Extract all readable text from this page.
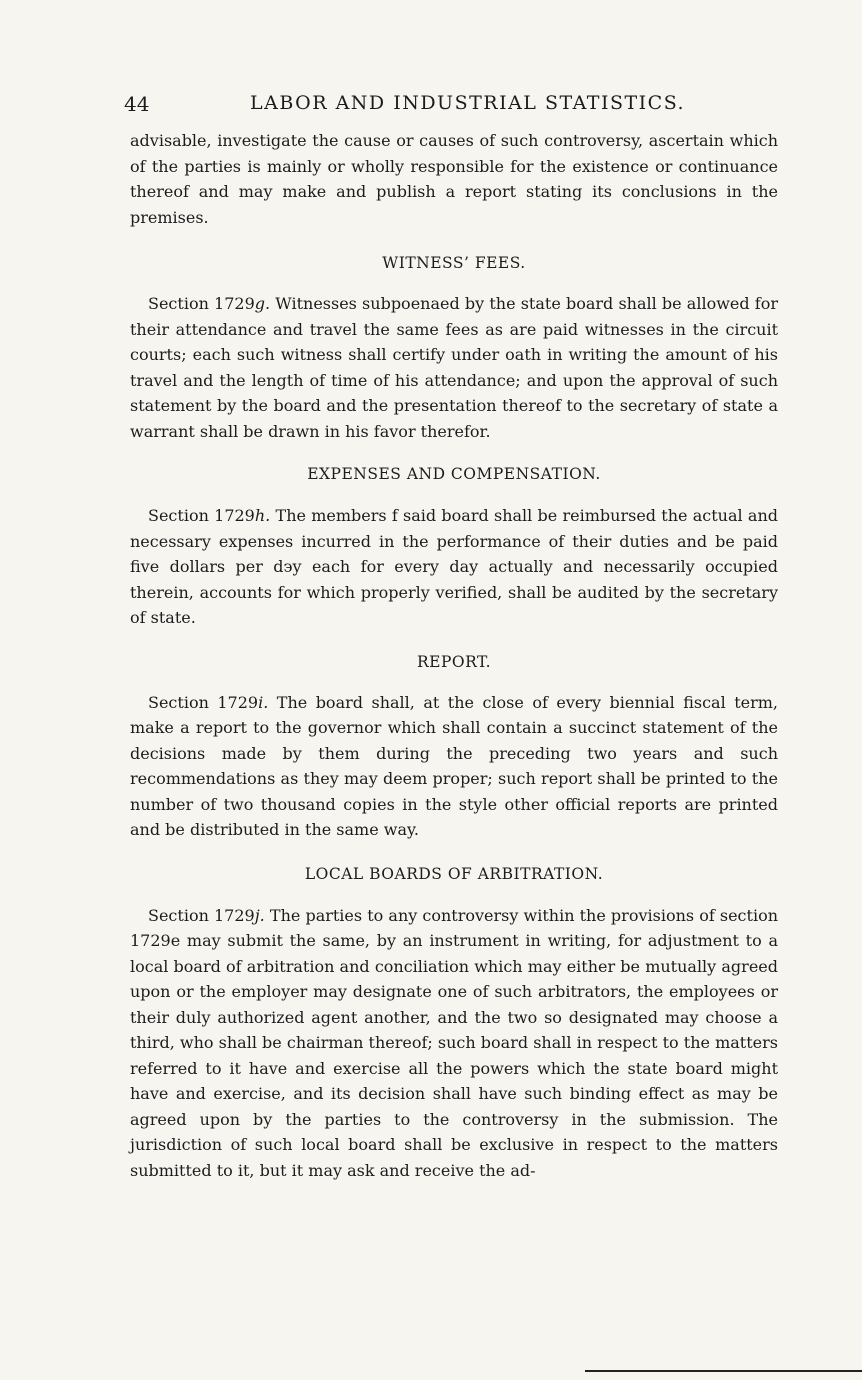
44	LABOR AND INDUSTRIAL STATISTICS.

advisable, investigate the cause or causes of such controversy, ascertain which of the parties is mainly or wholly responsible for the existence or continuance thereof and may make and publish a report stating its conclusions in the premises.

WITNESS’ FEES.

Section 1729g. Witnesses subpoenaed by the state board shall be allowed for their attendance and travel the same fees as are paid witnesses in the circuit courts; each such witness shall certify under oath in writing the amount of his travel and the length of time of his attendance; and upon the approval of such statement by the board and the presentation thereof to the secretary of state a warrant shall be drawn in his favor therefor.

EXPENSES AND COMPENSATION.

Section 1729h. The members f said board shall be reimbursed the actual and necessary expenses incurred in the performance of their duties and be paid five dollars per dэy each for every day actually and necessarily occupied therein, accounts for which properly verified, shall be audited by the secretary of state.

REPORT.

Section 1729i. The board shall, at the close of every biennial fiscal term, make a report to the governor which shall contain a succinct statement of the decisions made by them during the preceding two years and such recommendations as they may deem proper; such report shall be printed to the number of two thousand copies in the style other official reports are printed and be distributed in the same way.

LOCAL BOARDS OF ARBITRATION.

Section 1729j. The parties to any controversy within the provisions of section 1729e may submit the same, by an instrument in writing, for adjustment to a local board of arbitration and conciliation which may either be mutually agreed upon or the employer may designate one of such arbitrators, the employees or their duly authorized agent another, and the two so designated may choose a third, who shall be chairman thereof; such board shall in respect to the matters referred to it have and exercise all the powers which the state board might have and exercise, and its decision shall have such binding effect as may be agreed upon by the parties to the controversy in the submission. The jurisdiction of such local board shall be exclusive in respect to the matters submitted to it, but it may ask and receive the ad-
